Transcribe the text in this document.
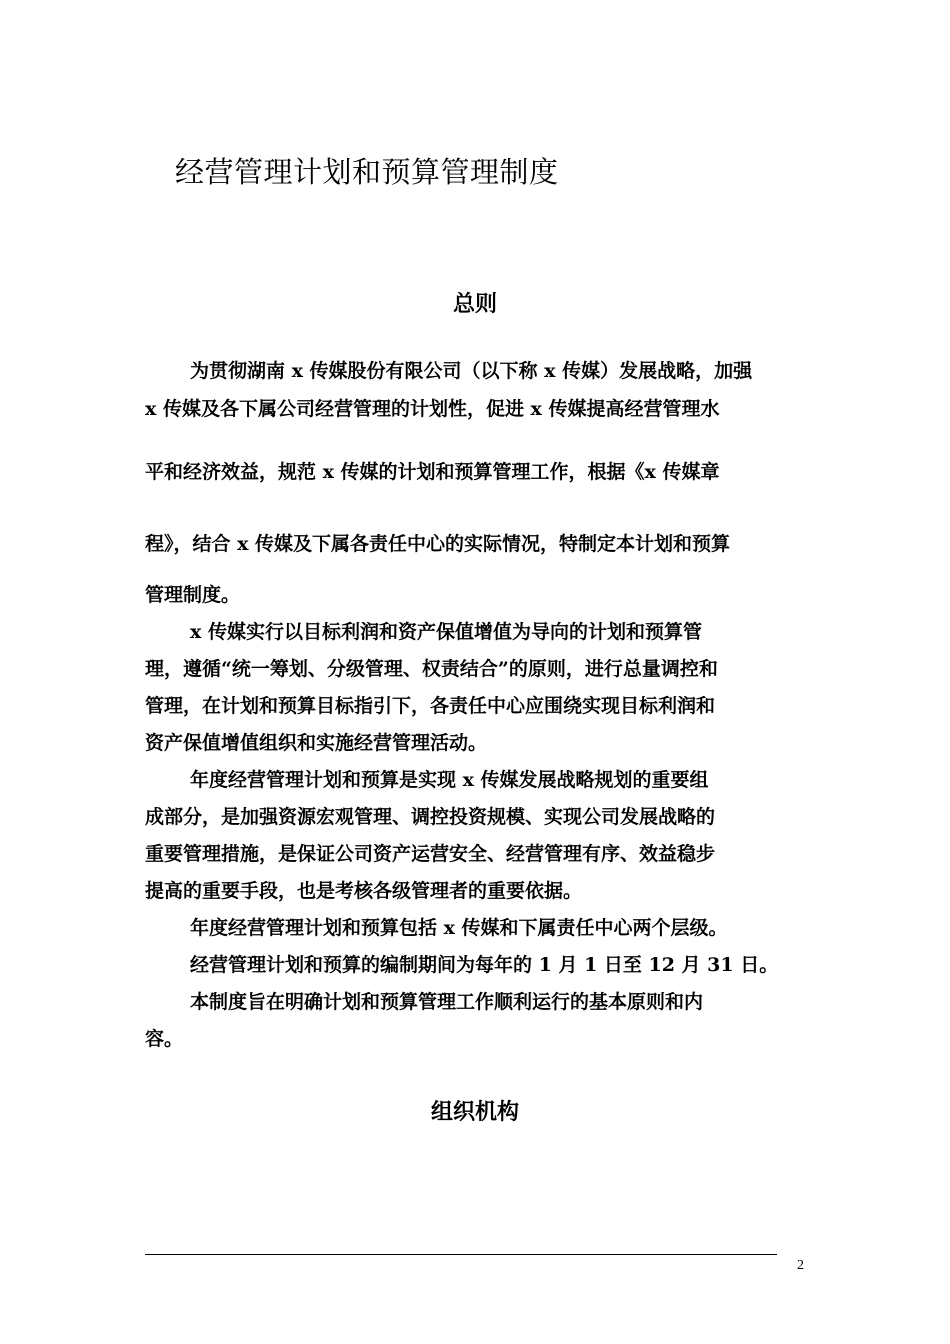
经营管理计划和预算管理制度
总则
为贯彻湖南 x 传媒股份有限公司（以下称 x 传媒）发展战略，加强
x 传媒及各下属公司经营管理的计划性，促进 x 传媒提高经营管理水
平和经济效益，规范 x 传媒的计划和预算管理工作，根据《x 传媒章
程》，结合 x 传媒及下属各责任中心的实际情况，特制定本计划和预算
管理制度。
x 传媒实行以目标利润和资产保值增值为导向的计划和预算管
理，遵循“统一筹划、分级管理、权责结合”的原则，进行总量调控和
管理，在计划和预算目标指引下，各责任中心应围绕实现目标利润和
资产保值增值组织和实施经营管理活动。
年度经营管理计划和预算是实现 x 传媒发展战略规划的重要组
成部分，是加强资源宏观管理、调控投资规模、实现公司发展战略的
重要管理措施，是保证公司资产运营安全、经营管理有序、效益稳步
提高的重要手段，也是考核各级管理者的重要依据。
年度经营管理计划和预算包括 x 传媒和下属责任中心两个层级。
经营管理计划和预算的编制期间为每年的 1 月 1 日至 12 月 31 日。
本制度旨在明确计划和预算管理工作顺利运行的基本原则和内
容。
组织机构
2
